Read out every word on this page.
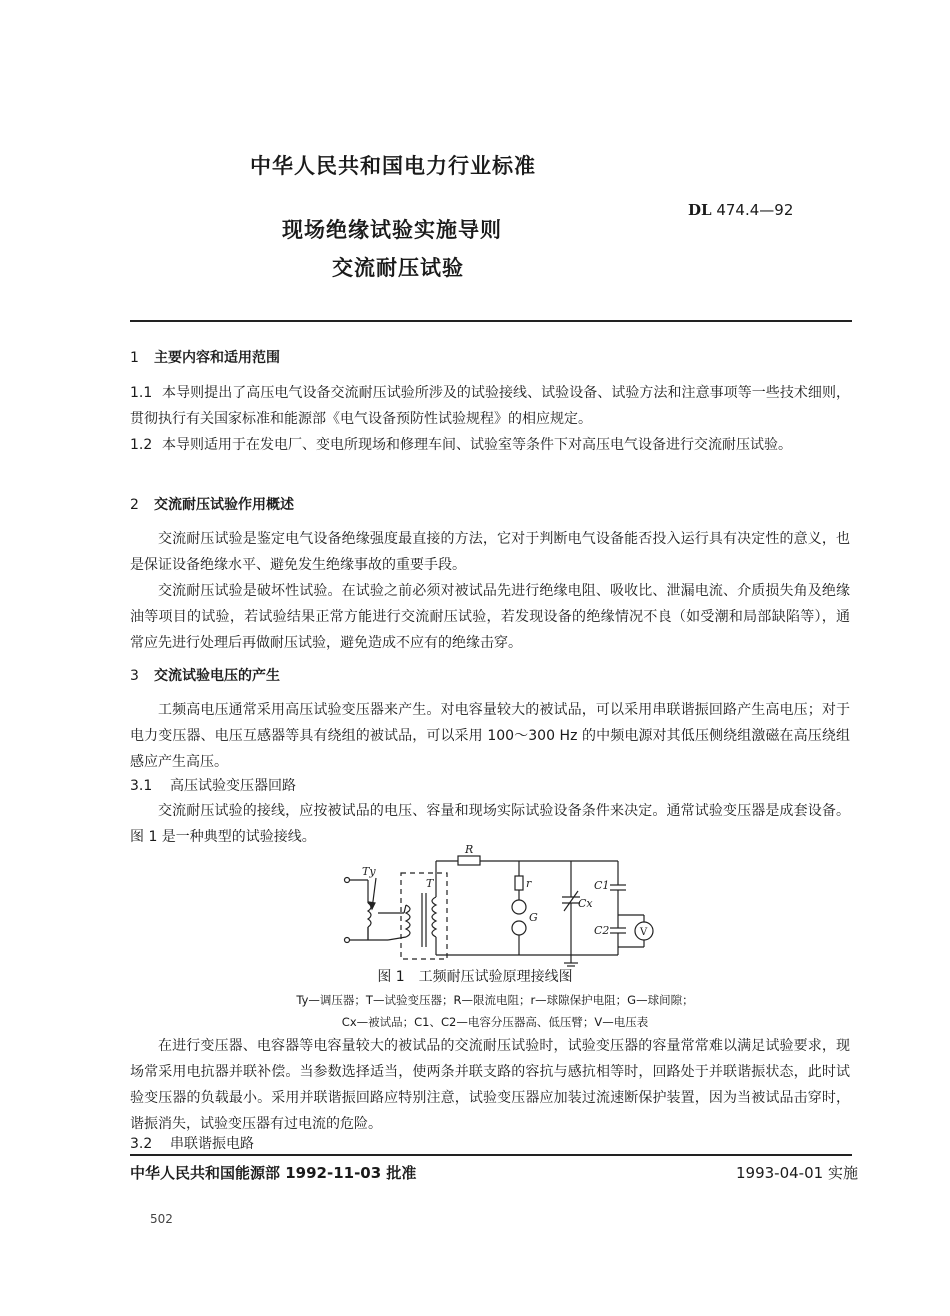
中华人民共和国电力行业标准
DL 474.4—92
现场绝缘试验实施导则
交流耐压试验
1 主要内容和适用范围
1.1 本导则提出了高压电气设备交流耐压试验所涉及的试验接线、试验设备、试验方法和注意事项等一些技术细则，贯彻执行有关国家标准和能源部《电气设备预防性试验规程》的相应规定。
1.2 本导则适用于在发电厂、变电所现场和修理车间、试验室等条件下对高压电气设备进行交流耐压试验。
2 交流耐压试验作用概述
交流耐压试验是鉴定电气设备绝缘强度最直接的方法，它对于判断电气设备能否投入运行具有决定性的意义，也是保证设备绝缘水平、避免发生绝缘事故的重要手段。
交流耐压试验是破坏性试验。在试验之前必须对被试品先进行绝缘电阻、吸收比、泄漏电流、介质损失角及绝缘油等项目的试验，若试验结果正常方能进行交流耐压试验，若发现设备的绝缘情况不良（如受潮和局部缺陷等），通常应先进行处理后再做耐压试验，避免造成不应有的绝缘击穿。
3 交流试验电压的产生
工频高电压通常采用高压试验变压器来产生。对电容量较大的被试品，可以采用串联谐振回路产生高电压；对于电力变压器、电压互感器等具有绕组的被试品，可以采用 100～300 Hz 的中频电源对其低压侧绕组激磁在高压绕组感应产生高压。
3.1 高压试验变压器回路
交流耐压试验的接线，应按被试品的电压、容量和现场实际试验设备条件来决定。通常试验变压器是成套设备。图 1 是一种典型的试验接线。
Ty
T
R
r
G
Cx
C1
C2	V
图 1　工频耐压试验原理接线图
Ty—调压器；T—试验变压器；R—限流电阻；r—球隙保护电阻；G—球间隙；
Cx—被试品；C1、C2—电容分压器高、低压臂；V—电压表
在进行变压器、电容器等电容量较大的被试品的交流耐压试验时，试验变压器的容量常常难以满足试验要求，现场常采用电抗器并联补偿。当参数选择适当，使两条并联支路的容抗与感抗相等时，回路处于并联谐振状态，此时试验变压器的负载最小。采用并联谐振回路应特别注意，试验变压器应加装过流速断保护装置，因为当被试品击穿时，谐振消失，试验变压器有过电流的危险。
3.2 串联谐振电路
中华人民共和国能源部 1992-11-03 批准	1993-04-01 实施
502
